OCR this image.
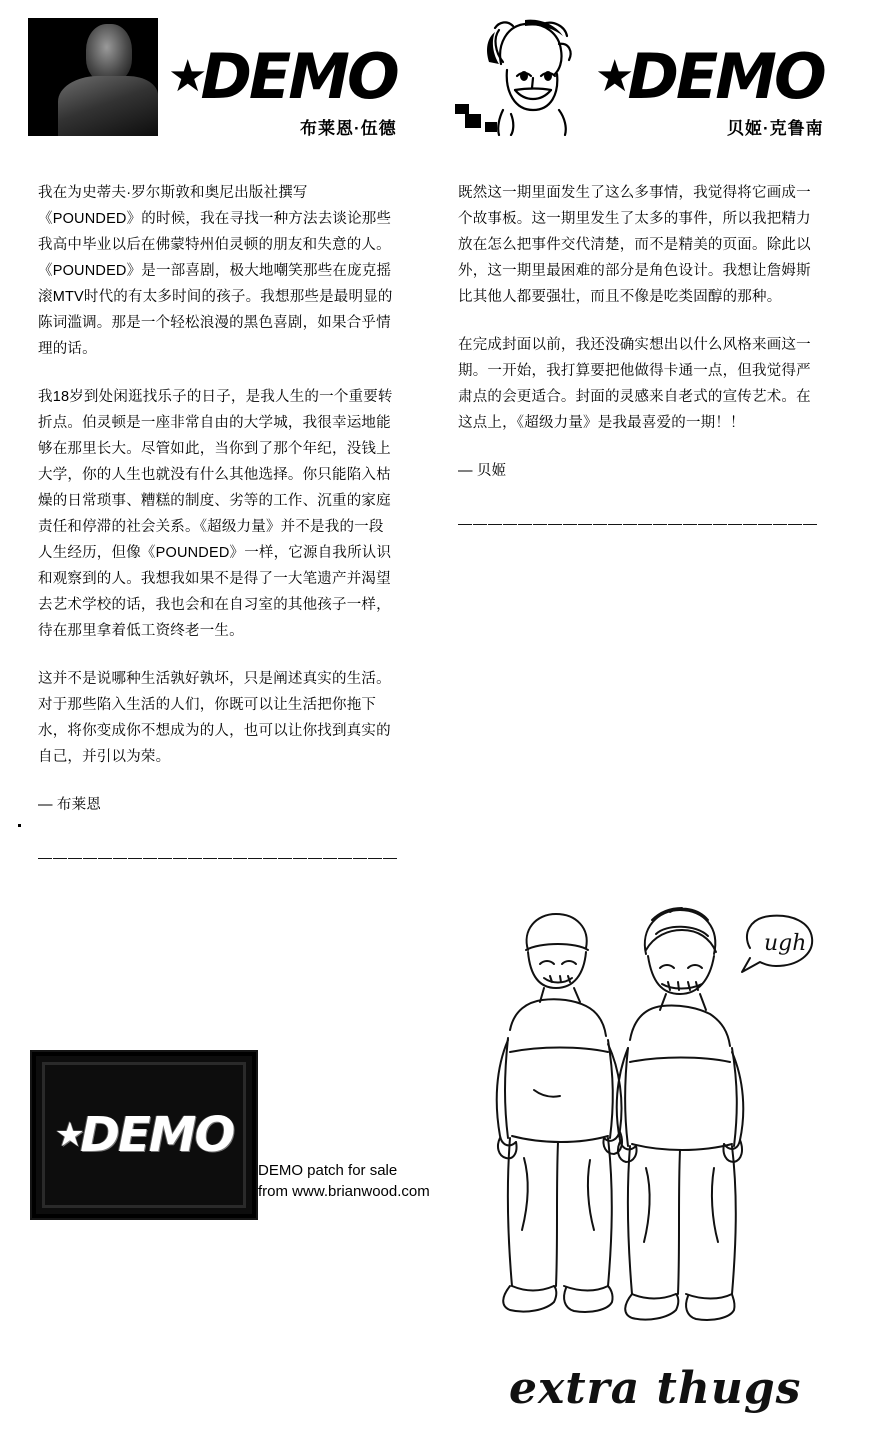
★
DEMO
布莱恩·伍德
★
DEMO
贝姬·克鲁南

我在为史蒂夫·罗尔斯敦和奥尼出版社撰写《POUNDED》的时候，我在寻找一种方法去谈论那些我高中毕业以后在佛蒙特州伯灵顿的朋友和失意的人。《POUNDED》是一部喜剧，极大地嘲笑那些在庞克摇滚MTV时代的有太多时间的孩子。我想那些是最明显的陈词滥调。那是一个轻松浪漫的黑色喜剧，如果合乎情理的话。

我18岁到处闲逛找乐子的日子，是我人生的一个重要转折点。伯灵顿是一座非常自由的大学城，我很幸运地能够在那里长大。尽管如此，当你到了那个年纪，没钱上大学，你的人生也就没有什么其他选择。你只能陷入枯燥的日常琐事、糟糕的制度、劣等的工作、沉重的家庭责任和停滞的社会关系。《超级力量》并不是我的一段人生经历，但像《POUNDED》一样，它源自我所认识和观察到的人。我想我如果不是得了一大笔遗产并渴望去艺术学校的话，我也会和在自习室的其他孩子一样，待在那里拿着低工资终老一生。

这并不是说哪种生活孰好孰坏，只是阐述真实的生活。对于那些陷入生活的人们，你既可以让生活把你拖下水，将你变成你不想成为的人，也可以让你找到真实的自己，并引以为荣。

— 布莱恩

————————————————————————

既然这一期里面发生了这么多事情，我觉得将它画成一个故事板。这一期里发生了太多的事件，所以我把精力放在怎么把事件交代清楚，而不是精美的页面。除此以外，这一期里最困难的部分是角色设计。我想让詹姆斯比其他人都要强壮，而且不像是吃类固醇的那种。

在完成封面以前，我还没确实想出以什么风格来画这一期。一开始，我打算要把他做得卡通一点，但我觉得严肃点的会更适合。封面的灵感来自老式的宣传艺术。在这点上，《超级力量》是我最喜爱的一期！！

— 贝姬

————————————————————————
★
DEMO
DEMO patch for sale
from www.brianwood.com
ugh
extra thugs
